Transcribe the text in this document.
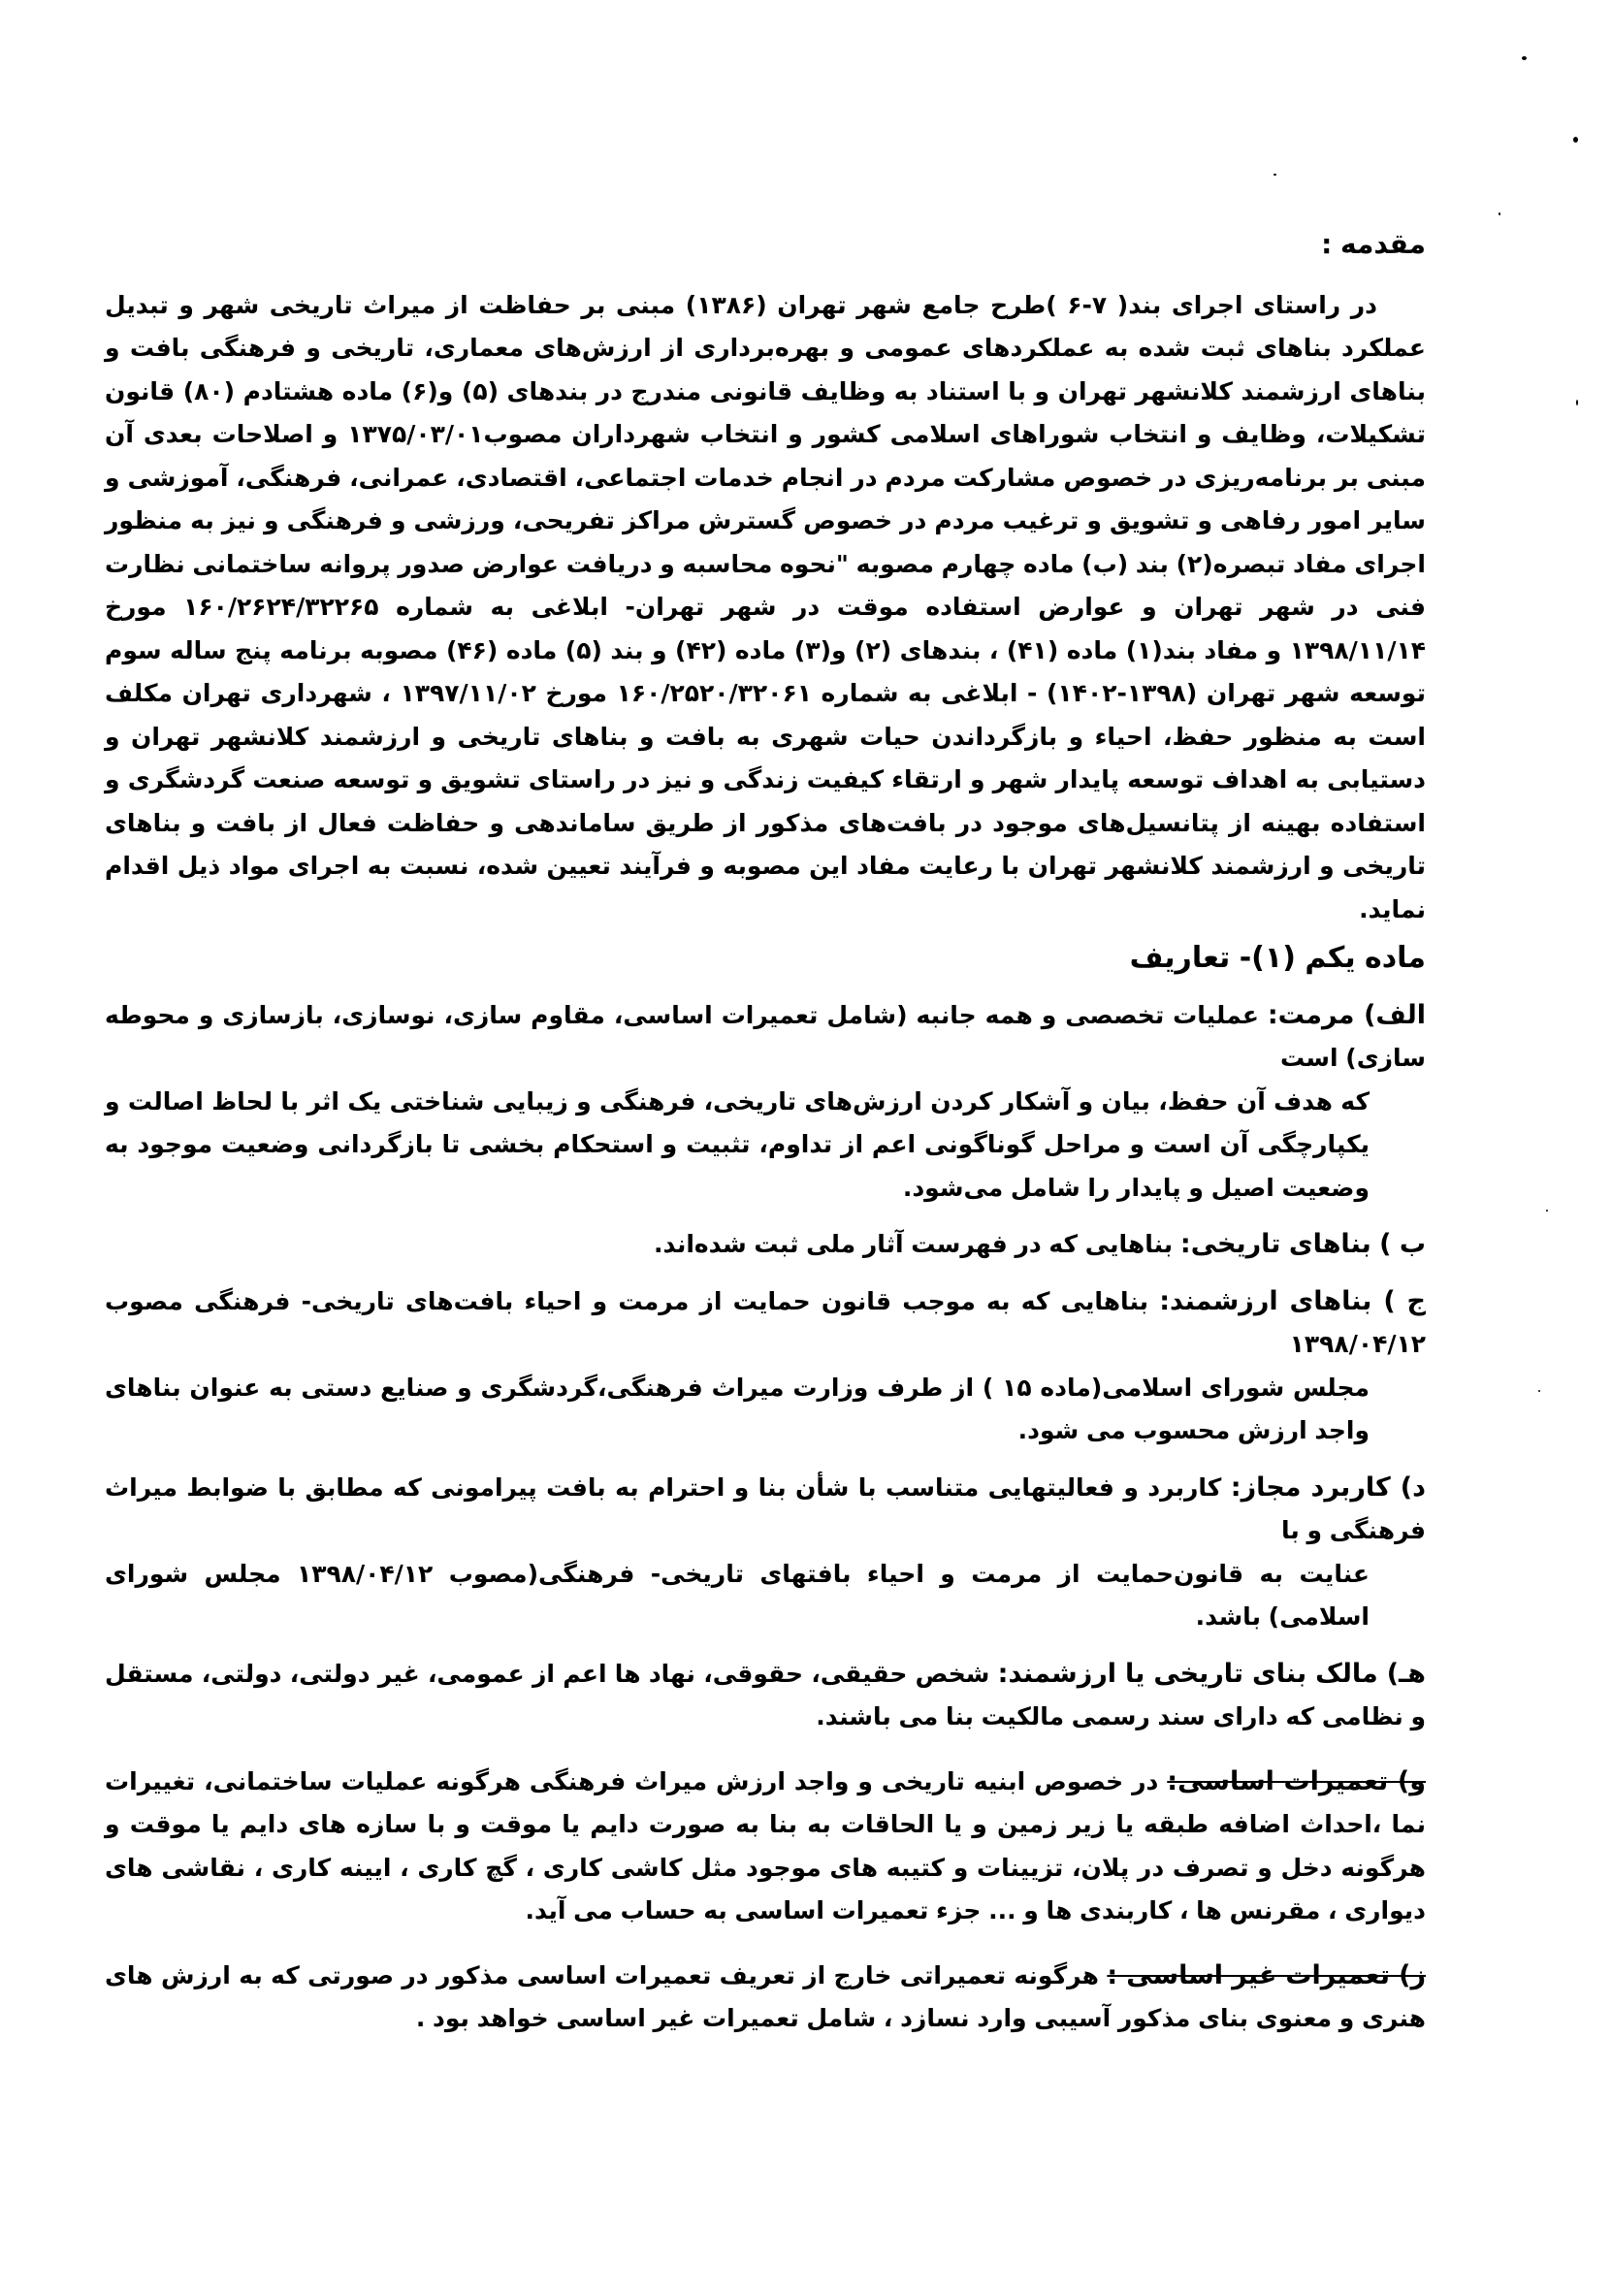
مقدمه :

در راستای اجرای بند( ۷-۶ )طرح جامع شهر تهران (۱۳۸۶) مبنی بر حفاظت از میراث تاریخی شهر و تبدیل عملکرد بناهای ثبت شده به عملکردهای عمومی و بهره‌برداری از ارزش‌های معماری، تاریخی و فرهنگی بافت و بناهای ارزشمند کلانشهر تهران و با استناد به وظایف قانونی مندرج در بندهای (۵) و(۶) ماده هشتادم (۸۰) قانون تشکیلات، وظایف و انتخاب شوراهای اسلامی کشور و انتخاب شهرداران مصوب۱۳۷۵/۰۳/۰۱ و اصلاحات بعدی آن مبنی بر برنامه‌ریزی در خصوص مشارکت مردم در انجام خدمات اجتماعی، اقتصادی، عمرانی، فرهنگی، آموزشی و سایر امور رفاهی و تشویق و ترغیب مردم در خصوص گسترش مراکز تفریحی، ورزشی و فرهنگی و نیز به منظور اجرای مفاد تبصره(۲) بند (ب) ماده چهارم مصوبه "نحوه محاسبه و دریافت عوارض صدور پروانه ساختمانی نظارت فنی در شهر تهران و عوارض استفاده موقت در شهر تهران- ابلاغی به شماره ۱۶۰/۲۶۲۴/۳۲۲۶۵ مورخ ۱۳۹۸/۱۱/۱۴ و مفاد بند(۱) ماده (۴۱) ، بندهای (۲) و(۳) ماده (۴۲) و بند (۵) ماده (۴۶) مصوبه برنامه پنج ساله سوم توسعه شهر تهران (۱۳۹۸-۱۴۰۲) - ابلاغی به شماره ۱۶۰/۲۵۲۰/۳۲۰۶۱ مورخ ۱۳۹۷/۱۱/۰۲ ، شهرداری تهران مکلف است به منظور حفظ، احیاء و بازگرداندن حیات شهری به بافت و بناهای تاریخی و ارزشمند کلانشهر تهران و دستیابی به اهداف توسعه پایدار شهر و ارتقاء کیفیت زندگی و نیز در راستای تشویق و توسعه صنعت گردشگری و استفاده بهینه از پتانسیل‌های موجود در بافت‌های مذکور از طریق ساماندهی و حفاظت فعال از بافت و بناهای تاریخی و ارزشمند کلانشهر تهران با رعایت مفاد این مصوبه و فرآیند تعیین شده، نسبت به اجرای مواد ذیل اقدام نماید.

ماده یکم (۱)- تعاریف
الف) مرمت: عملیات تخصصی و همه جانبه (شامل تعمیرات اساسی، مقاوم سازی، نوسازی، بازسازی و محوطه سازی) است
که هدف آن حفظ، بیان و آشکار کردن ارزش‌های تاریخی، فرهنگی و زیبایی شناختی یک اثر با لحاظ اصالت و یکپارچگی آن است و مراحل گوناگونی اعم از تداوم، تثبیت و استحکام بخشی تا بازگردانی وضعیت موجود به وضعیت اصیل و پایدار را شامل می‌شود.
ب ) بناهای تاریخی: بناهایی که در فهرست آثار ملی ثبت شده‌اند.
ج ) بناهای ارزشمند: بناهایی که به موجب قانون حمایت از مرمت و احیاء بافت‌های تاریخی- فرهنگی مصوب ۱۳۹۸/۰۴/۱۲
مجلس شورای اسلامی(ماده ۱۵ ) از طرف وزارت میراث فرهنگی،گردشگری و صنایع دستی به عنوان بناهای واجد ارزش محسوب می شود.
د) کاربرد مجاز: کاربرد و فعالیتهایی متناسب با شأن بنا و احترام به بافت پیرامونی که مطابق با ضوابط میراث فرهنگی و با
عنایت به قانون‌حمایت از مرمت و احیاء بافتهای تاریخی- فرهنگی(مصوب ۱۳۹۸/۰۴/۱۲ مجلس شورای اسلامی) باشد.
هـ) مالک بنای تاریخی یا ارزشمند: شخص حقیقی، حقوقی، نهاد ها اعم از عمومی، غیر دولتی، دولتی، مستقل و نظامی که دارای سند رسمی مالکیت بنا می باشند.
و) تعمیرات اساسی: در خصوص ابنیه تاریخی و واجد ارزش میراث فرهنگی هرگونه عملیات ساختمانی، تغییرات نما ،احداث اضافه طبقه یا زیر زمین و یا الحاقات به بنا به صورت دایم یا موقت و با سازه های دایم یا موقت و هرگونه دخل و تصرف در پلان، تزیینات و کتیبه های موجود مثل کاشی کاری ، گچ کاری ، ایینه کاری ، نقاشی های دیواری ، مقرنس ها ، کاربندی ها و ... جزء تعمیرات اساسی به حساب می آید.
ز) تعمیرات غیر اساسی : هرگونه تعمیراتی خارج از تعریف تعمیرات اساسی مذکور در صورتی که به ارزش های هنری و معنوی بنای مذکور آسیبی وارد نسازد ، شامل تعمیرات غیر اساسی خواهد بود .
